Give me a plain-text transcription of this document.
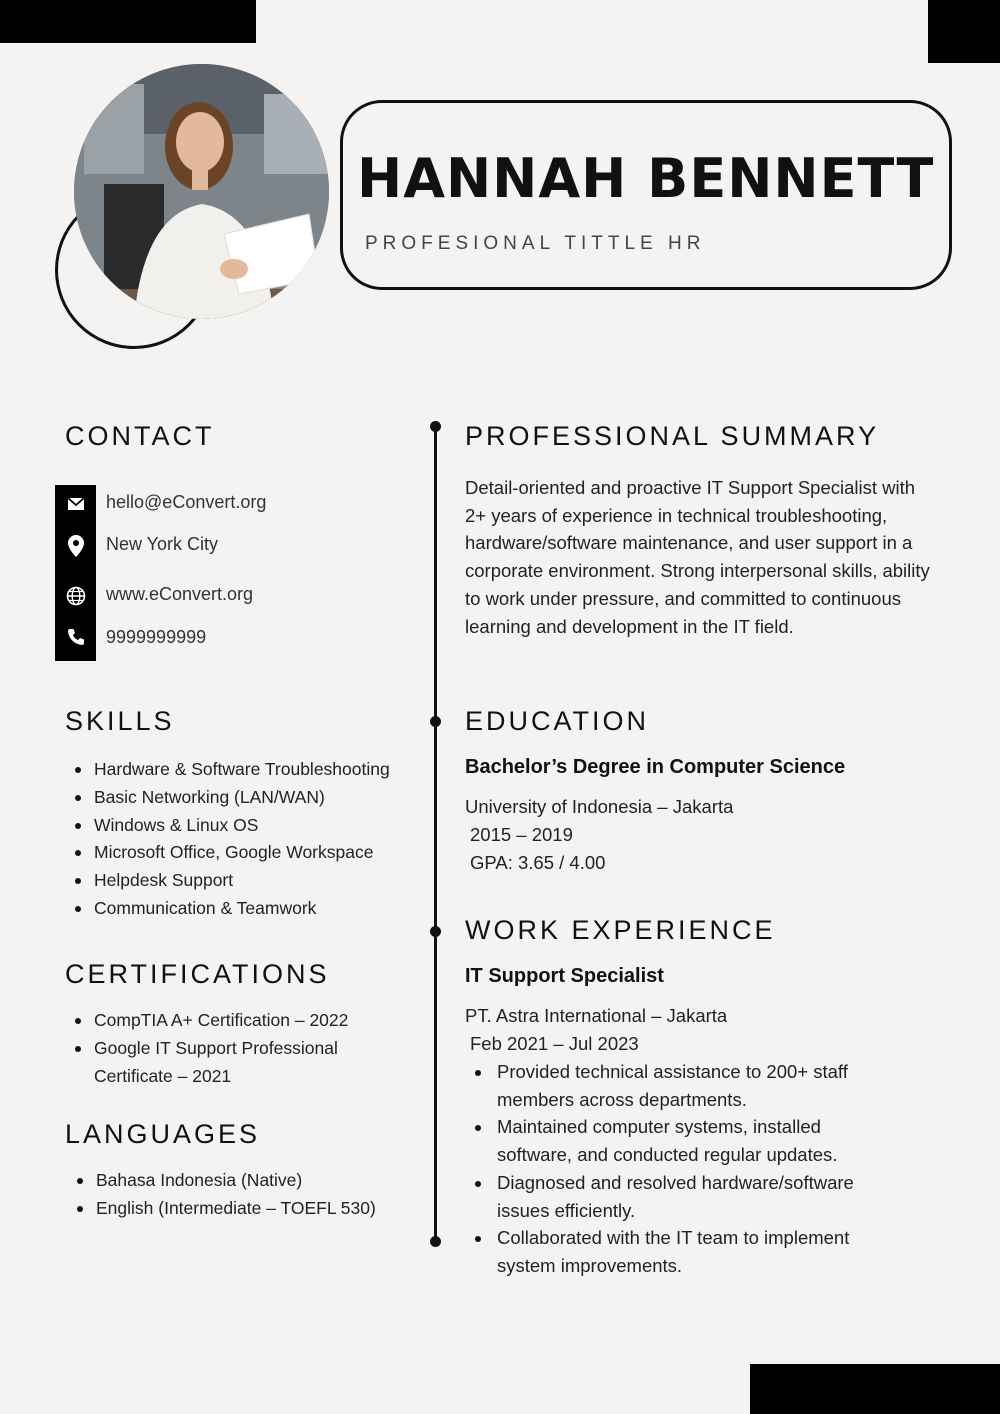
HANNAH BENNETT
PROFESIONAL TITTLE HR
CONTACT
hello@eConvert.org
New York City
www.eConvert.org
9999999999
SKILLS
Hardware & Software Troubleshooting
Basic Networking (LAN/WAN)
Windows & Linux OS
Microsoft Office, Google Workspace
Helpdesk Support
Communication & Teamwork
CERTIFICATIONS
CompTIA A+ Certification – 2022
Google IT Support Professional Certificate – 2021
LANGUAGES
Bahasa Indonesia (Native)
English (Intermediate – TOEFL 530)
PROFESSIONAL SUMMARY
Detail-oriented and proactive IT Support Specialist with 2+ years of experience in technical troubleshooting, hardware/software maintenance, and user support in a corporate environment. Strong interpersonal skills, ability to work under pressure, and committed to continuous learning and development in the IT field.
EDUCATION
Bachelor’s Degree in Computer Science
University of Indonesia – Jakarta
2015 – 2019
GPA: 3.65 / 4.00
WORK EXPERIENCE
IT Support Specialist
PT. Astra International – Jakarta
Feb 2021 – Jul 2023
Provided technical assistance to 200+ staff members across departments.
Maintained computer systems, installed software, and conducted regular updates.
Diagnosed and resolved hardware/software issues efficiently.
Collaborated with the IT team to implement system improvements.
